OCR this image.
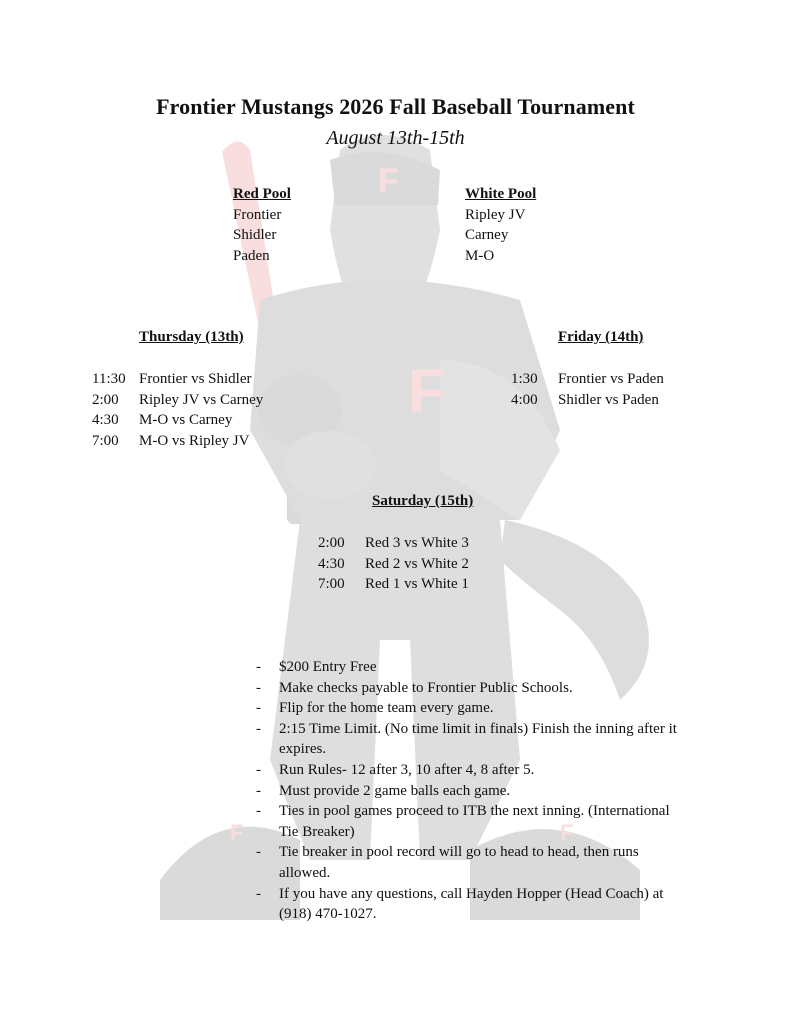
F
F
F	F
Frontier Mustangs 2026 Fall Baseball Tournament
August 13th-15th
Red Pool
Frontier
Shidler
Paden
White Pool
Ripley JV
Carney
M-O
Thursday (13th)
11:30
2:00
4:30
7:00
Frontier vs Shidler
Ripley JV vs Carney
M-O vs Carney
M-O vs Ripley JV
Friday (14th)
1:30
4:00
Frontier vs Paden
Shidler vs Paden
Saturday (15th)
2:00
4:30
7:00
Red 3 vs White 3
Red 2 vs White 2
Red 1 vs White 1
- $200 Entry Free
- Make checks payable to Frontier Public Schools.
- Flip for the home team every game.
- 2:15 Time Limit. (No time limit in finals) Finish the inning after it
expires.
- Run Rules- 12 after 3, 10 after 4, 8 after 5.
- Must provide 2 game balls each game.
- Ties in pool games proceed to ITB the next inning. (International
Tie Breaker)
- Tie breaker in pool record will go to head to head, then runs
allowed.
- If you have any questions, call Hayden Hopper (Head Coach) at
(918) 470-1027.
